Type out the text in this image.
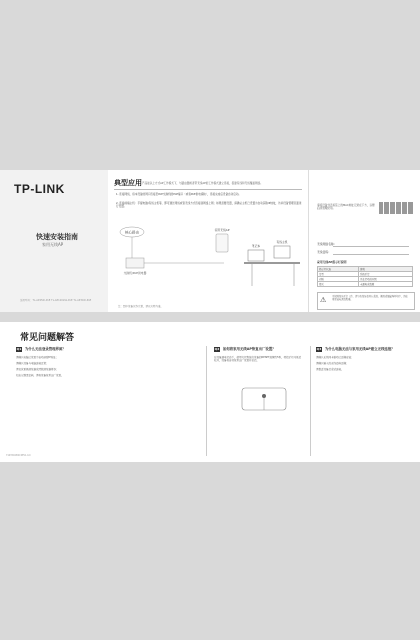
TP-LINK
快速安装指南
家用无线AP
适用型号：TL-AP450I-PoE TL-AP1202GI-PoE TL-AP302I-PoE
典型应用 产品能以上方式AP工作模式下，与路由器或者带无线AP的工作模式建立连接，搭建有线和无线覆盖网络。
1. 连接网线，将本设备的网口连接至PoE交换机的PoE端口（或将PoE供电模块），连接完成后设备自动启动。
2. 连接前端主机：手提电脑/有线主机等，即可通过网线或者无线方式连接到网络上网；如果需要设置，请确认主机已设置为自动获取IP地址，访问设备管理页面进行设置。
核心路由
交换机/PoE供电器
家用无线AP
笔记本
有线主机
注：图中设备仅作示意，请以实物为准。
请将设备外壳标签上的MAC地址记录在下方，以便后续管理使用。
无线网络名称：
无线密码：
家用无线AP指示灯说明
指示灯状态	说明
常亮	系统正常
闪烁	正在启动或升级
熄灭	未通电或故障
⚠ 为保障设备正常工作，请勿将设备放置在高温、潮湿或强磁场环境中，请使用原装电源适配器。
常见问题解答
Q1 为什么无法登录管理界面？
请确认电脑已设置为自动获取IP地址；
请确认设备与电脑连接正常；
请尝试更换浏览器或清除浏览器缓存；
如忘记登录密码，请将设备恢复出厂设置。
Q2 如何将家用无线AP恢复出厂设置？
在设备通电状态下，使用尖状物按住设备的RESET按键约5秒，待指示灯闪烁后松开，设备将自动恢复出厂设置并重启。
Q3 为什么电脑无法与家用无线AP建立无线连接？
请确认无线网卡驱动已正确安装；
请确认输入的无线密码正确；
请靠近设备后重试连接。
7103504390 REV1.0.0
